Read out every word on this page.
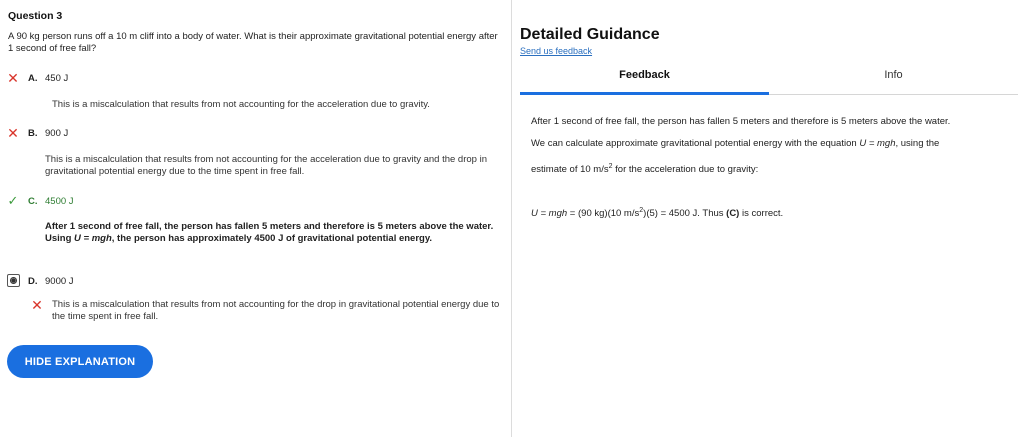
Question 3
A 90 kg person runs off a 10 m cliff into a body of water. What is their approximate gravitational potential energy after 1 second of free fall?
✕ A. 450 J
This is a miscalculation that results from not accounting for the acceleration due to gravity.
✕ B. 900 J
This is a miscalculation that results from not accounting for the acceleration due to gravity and the drop in gravitational potential energy due to the time spent in free fall.
✓ C. 4500 J
After 1 second of free fall, the person has fallen 5 meters and therefore is 5 meters above the water. Using U = mgh, the person has approximately 4500 J of gravitational potential energy.
D. 9000 J
✕ This is a miscalculation that results from not accounting for the drop in gravitational potential energy due to the time spent in free fall.
HIDE EXPLANATION
Detailed Guidance
Send us feedback
Feedback	Info
After 1 second of free fall, the person has fallen 5 meters and therefore is 5 meters above the water.
We can calculate approximate gravitational potential energy with the equation U = mgh, using the
estimate of 10 $m/s^2$ for the acceleration due to gravity:
U = mgh = (90 kg)(10 $m/s^2)(5) = 4500$ J. Thus (C) is correct.
